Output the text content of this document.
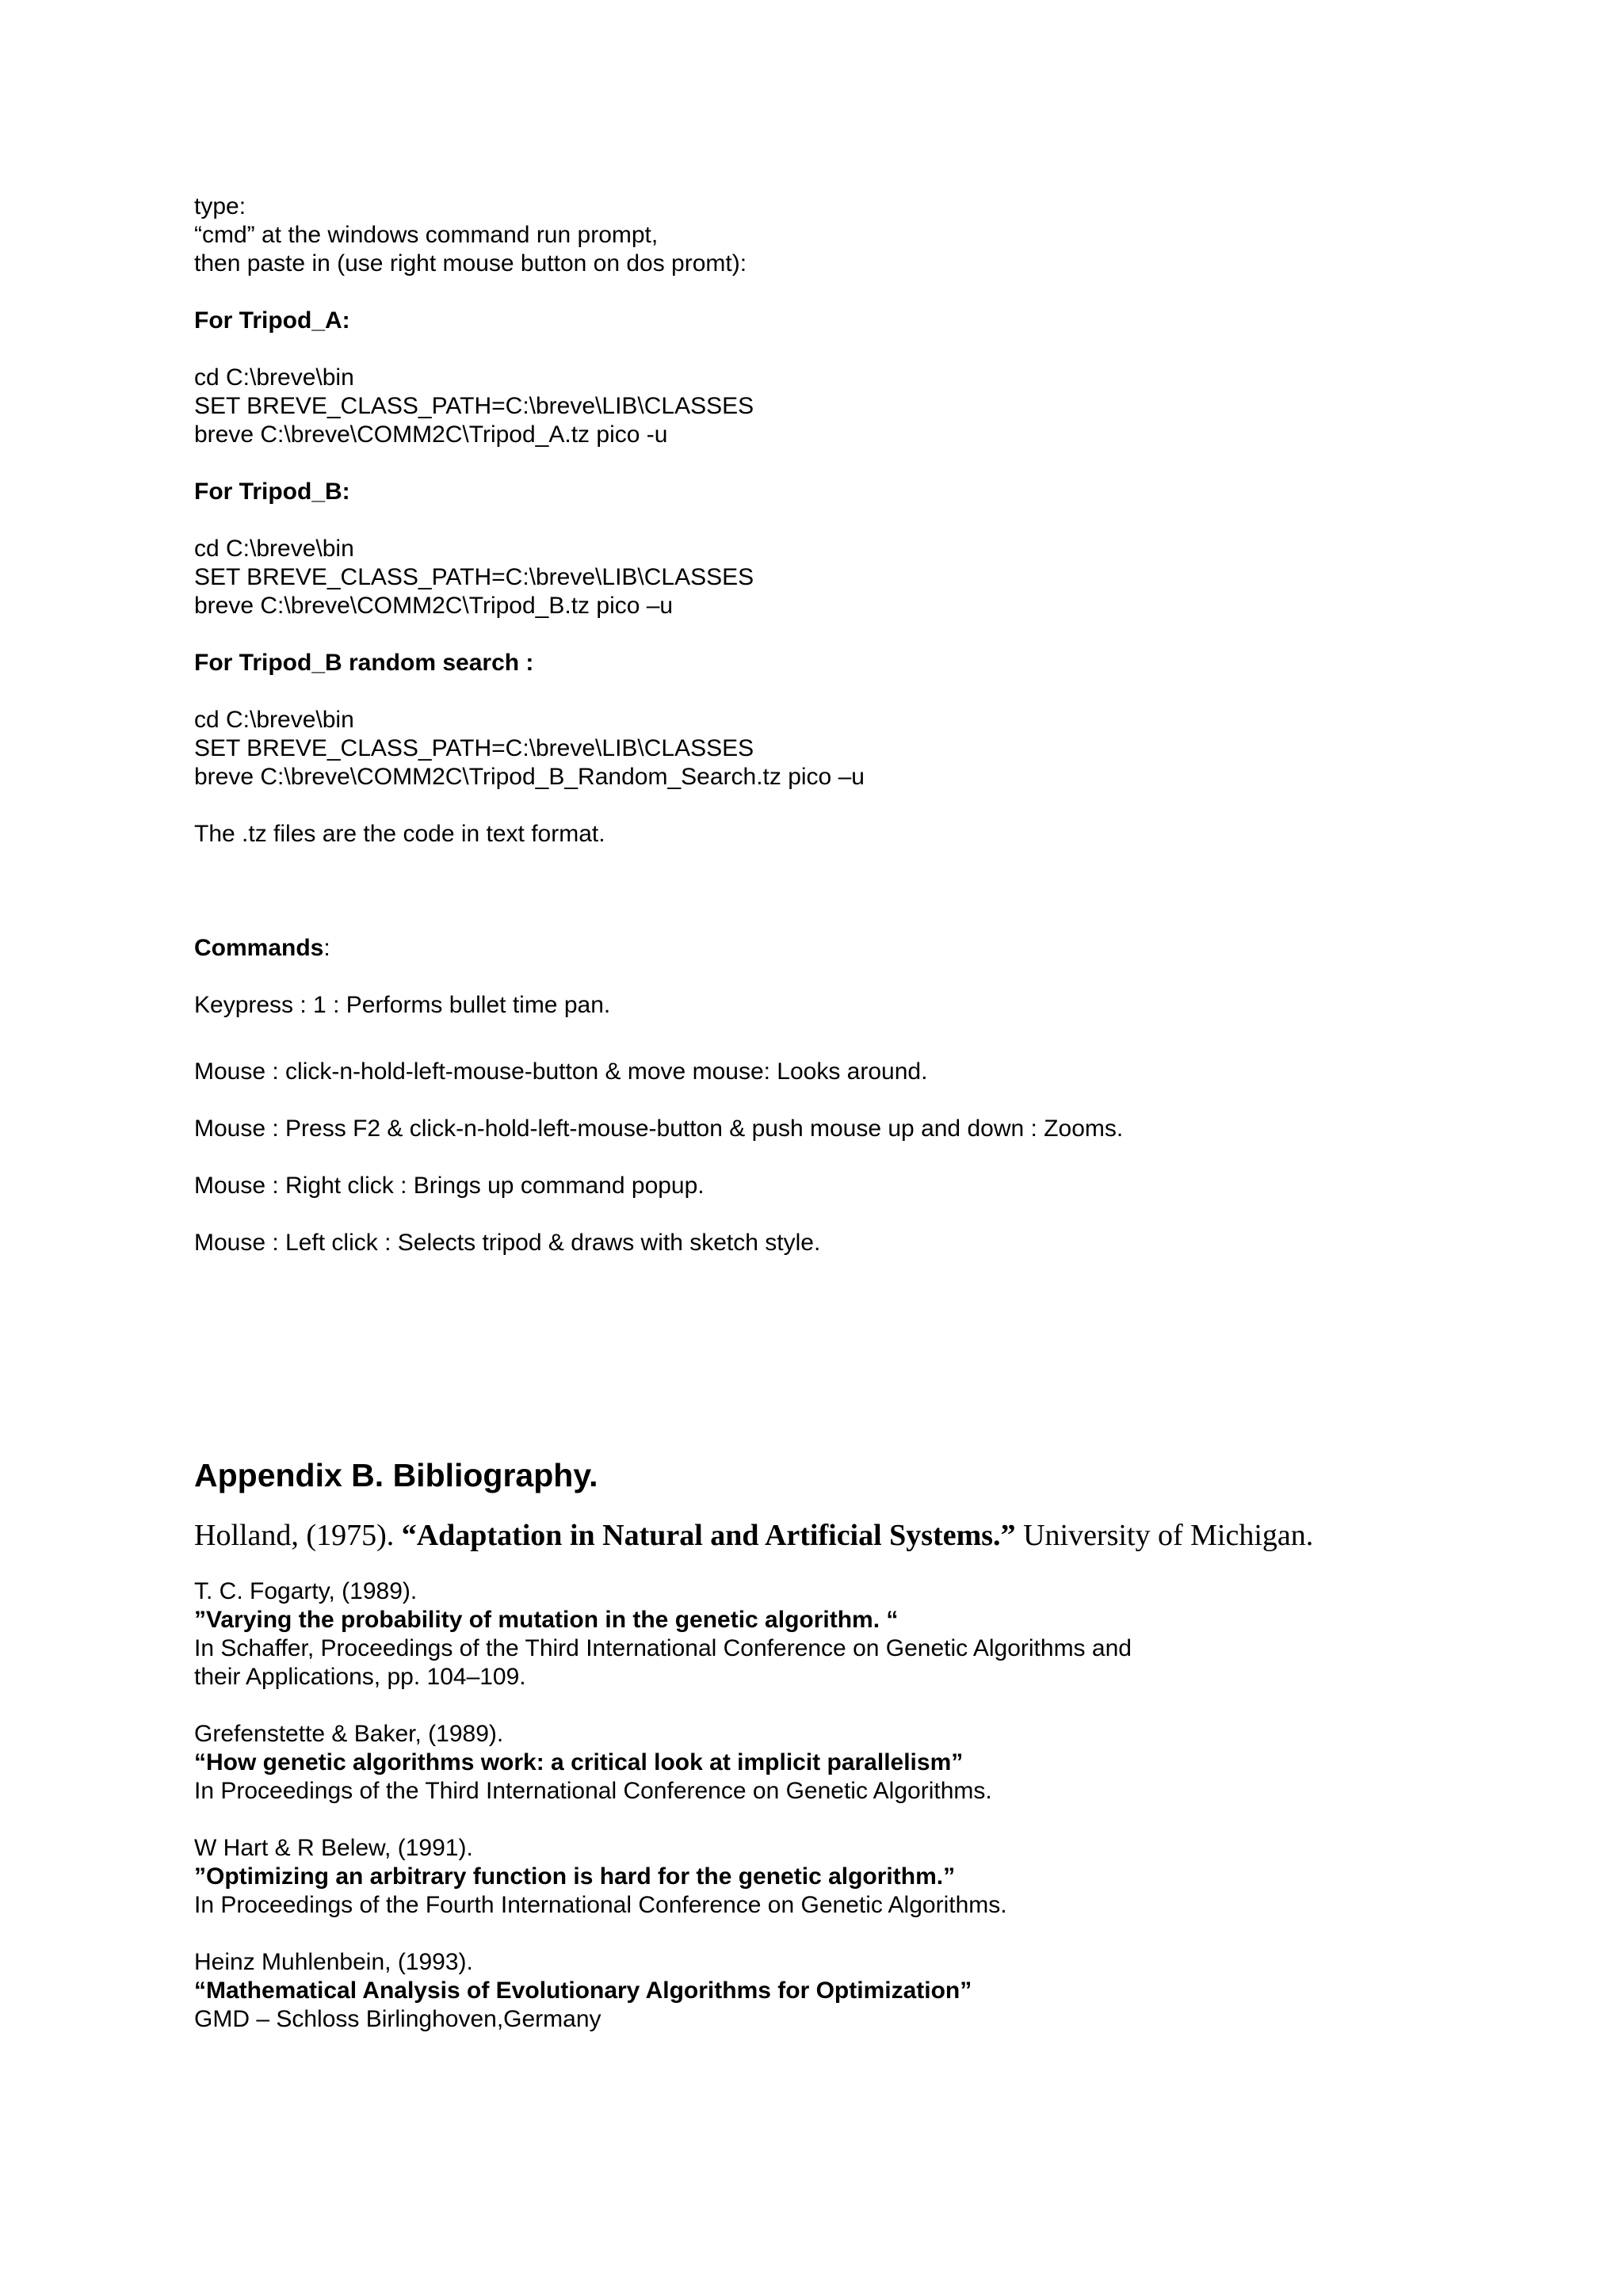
type:
“cmd” at the windows command run prompt,
then paste in (use right mouse button on dos promt):
For Tripod_A:
cd C:\breve\bin
SET BREVE_CLASS_PATH=C:\breve\LIB\CLASSES
breve C:\breve\COMM2C\Tripod_A.tz pico -u
For Tripod_B:
cd C:\breve\bin
SET BREVE_CLASS_PATH=C:\breve\LIB\CLASSES
breve C:\breve\COMM2C\Tripod_B.tz pico –u
For Tripod_B random search :
cd C:\breve\bin
SET BREVE_CLASS_PATH=C:\breve\LIB\CLASSES
breve C:\breve\COMM2C\Tripod_B_Random_Search.tz pico –u
The .tz files are the code in text format.
Commands:
Keypress : 1 : Performs bullet time pan.
Mouse : click-n-hold-left-mouse-button & move mouse: Looks around.
Mouse : Press F2 & click-n-hold-left-mouse-button & push mouse up and down : Zooms.
Mouse : Right click : Brings up command popup.
Mouse : Left click : Selects tripod & draws with sketch style.
Appendix B. Bibliography.
Holland, (1975). “Adaptation in Natural and Artificial Systems.” University of Michigan.
T. C. Fogarty, (1989).
”Varying the probability of mutation in the genetic algorithm. “
In Schaffer, Proceedings of the Third International Conference on Genetic Algorithms and
their Applications, pp. 104–109.
Grefenstette & Baker, (1989).
“How genetic algorithms work: a critical look at implicit parallelism”
In Proceedings of the Third International Conference on Genetic Algorithms.
W Hart & R Belew, (1991).
”Optimizing an arbitrary function is hard for the genetic algorithm.”
In Proceedings of the Fourth International Conference on Genetic Algorithms.
Heinz Muhlenbein, (1993).
“Mathematical Analysis of Evolutionary Algorithms for Optimization”
GMD – Schloss Birlinghoven,Germany
